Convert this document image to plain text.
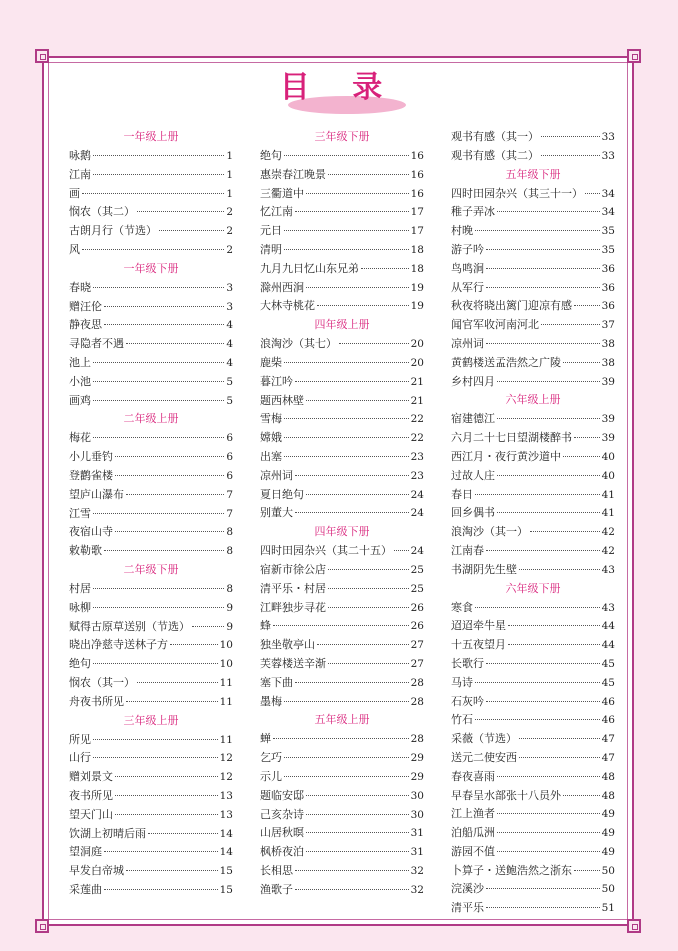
目 录
一年级上册
咏鹅	1
江南	1
画	1
悯农（其二）	2
古朗月行（节选）	2
风	2
一年级下册
春晓	3
赠汪伦	3
静夜思	4
寻隐者不遇	4
池上	4
小池	5
画鸡	5
二年级上册
梅花	6
小儿垂钓	6
登鹳雀楼	6
望庐山瀑布	7
江雪	7
夜宿山寺	8
敕勒歌	8
二年级下册
村居	8
咏柳	9
赋得古原草送别（节选）	9
晓出净慈寺送林子方	10
绝句	10
悯农（其一）	11
舟夜书所见	11
三年级上册
所见	11
山行	12
赠刘景文	12
夜书所见	13
望天门山	13
饮湖上初晴后雨	14
望洞庭	14
早发白帝城	15
采莲曲	15
三年级下册
绝句	16
惠崇春江晚景	16
三衢道中	16
忆江南	17
元日	17
清明	18
九月九日忆山东兄弟	18
滁州西涧	19
大林寺桃花	19
四年级上册
浪淘沙（其七）	20
鹿柴	20
暮江吟	21
题西林壁	21
雪梅	22
嫦娥	22
出塞	23
凉州词	23
夏日绝句	24
别董大	24
四年级下册
四时田园杂兴（其二十五） 24
宿新市徐公店	25
清平乐・村居	25
江畔独步寻花	26
蜂	26
独坐敬亭山	27
芙蓉楼送辛渐	27
塞下曲	28
墨梅	28
五年级上册
蝉	28
乞巧	29
示儿	29
题临安邸	30
己亥杂诗	30
山居秋暝	31
枫桥夜泊	31
长相思	32
渔歌子	32
观书有感（其一）	33
观书有感（其二）	33
五年级下册
四时田园杂兴（其三十一） 34
稚子弄冰	34
村晚	35
游子吟	35
鸟鸣涧	36
从军行	36
秋夜将晓出篱门迎凉有感	36
闻官军收河南河北	37
凉州词	38
黄鹤楼送孟浩然之广陵	38
乡村四月	39
六年级上册
宿建德江	39
六月二十七日望湖楼醉书	39
西江月・夜行黄沙道中	40
过故人庄	40
春日	41
回乡偶书	41
浪淘沙（其一）	42
江南春	42
书湖阴先生壁	43
六年级下册
寒食	43
迢迢牵牛星	44
十五夜望月	44
长歌行	45
马诗	45
石灰吟	46
竹石	46
采薇（节选）	47
送元二使安西	47
春夜喜雨	48
早春呈水部张十八员外	48
江上渔者	49
泊船瓜洲	49
游园不值	49
卜算子・送鲍浩然之浙东	50
浣溪沙	50
清平乐	51
